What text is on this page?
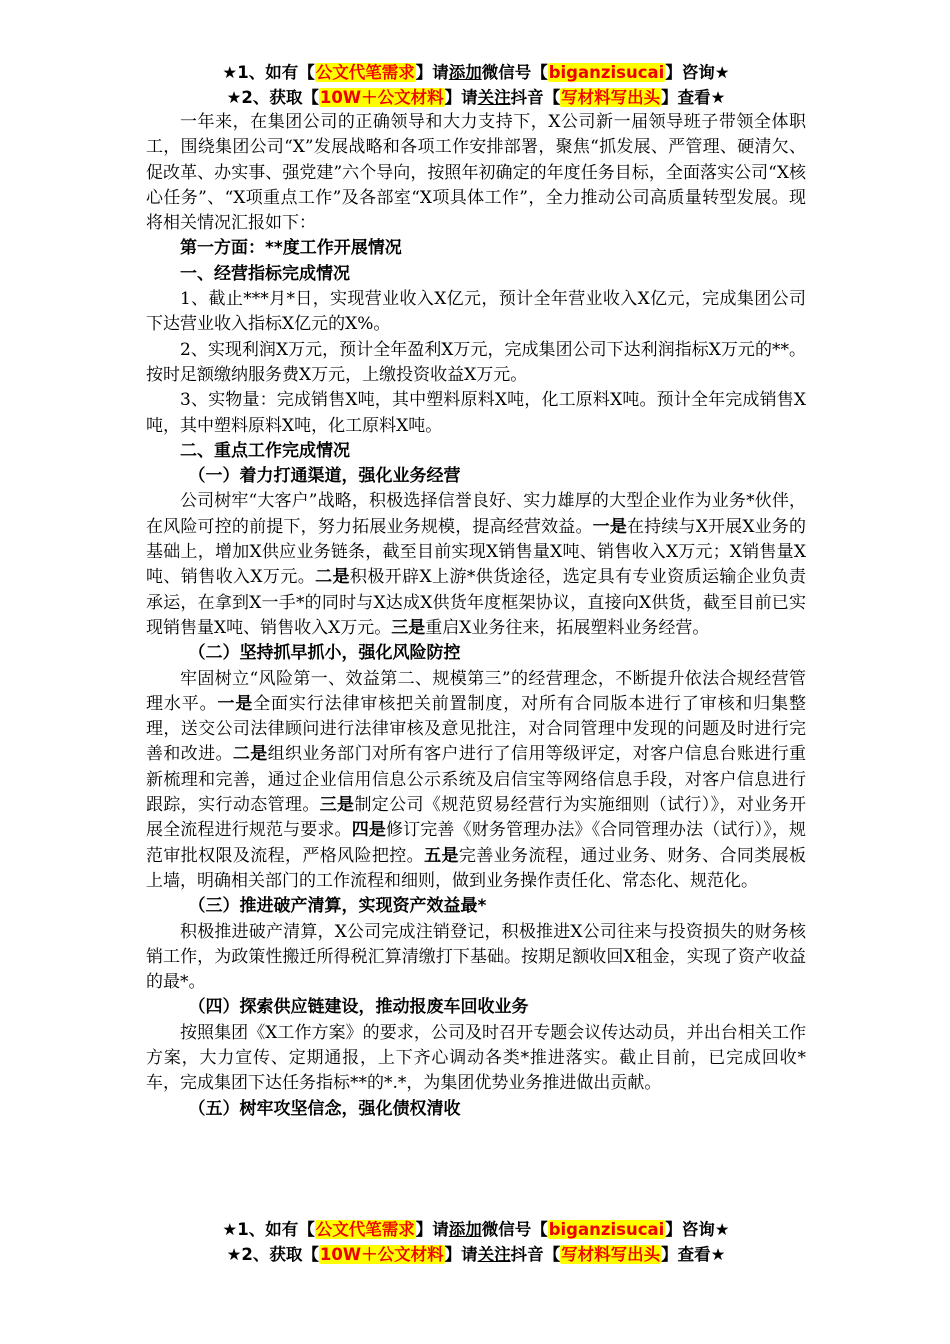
★1、如有【公文代笔需求】请添加微信号【biganzisucai】咨询★
★2、获取【10W＋公文材料】请关注抖音【写材料写出头】查看★

一年来，在集团公司的正确领导和大力支持下，X公司新一届领导班子带领全体职工，围绕集团公司“X”发展战略和各项工作安排部署，聚焦“抓发展、严管理、硬清欠、促改革、办实事、强党建”六个导向，按照年初确定的年度任务目标，全面落实公司“X核心任务”、“X项重点工作”及各部室“X项具体工作”，全力推动公司高质量转型发展。现将相关情况汇报如下：

第一方面：**度工作开展情况

一、经营指标完成情况

1、截止***月*日，实现营业收入X亿元，预计全年营业收入X亿元，完成集团公司下达营业收入指标X亿元的X%。

2、实现利润X万元，预计全年盈利X万元，完成集团公司下达利润指标X万元的**。按时足额缴纳服务费X万元，上缴投资收益X万元。

3、实物量：完成销售X吨，其中塑料原料X吨，化工原料X吨。预计全年完成销售X吨，其中塑料原料X吨，化工原料X吨。

二、重点工作完成情况

（一）着力打通渠道，强化业务经营

公司树牢“大客户”战略，积极选择信誉良好、实力雄厚的大型企业作为业务*伙伴，在风险可控的前提下，努力拓展业务规模，提高经营效益。一是在持续与X开展X业务的基础上，增加X供应业务链条，截至目前实现X销售量X吨、销售收入X万元；X销售量X吨、销售收入X万元。二是积极开辟X上游*供货途径，选定具有专业资质运输企业负责承运，在拿到X一手*的同时与X达成X供货年度框架协议，直接向X供货，截至目前已实现销售量X吨、销售收入X万元。三是重启X业务往来，拓展塑料业务经营。

（二）坚持抓早抓小，强化风险防控

牢固树立“风险第一、效益第二、规模第三”的经营理念，不断提升依法合规经营管理水平。一是全面实行法律审核把关前置制度，对所有合同版本进行了审核和归集整理，送交公司法律顾问进行法律审核及意见批注，对合同管理中发现的问题及时进行完善和改进。二是组织业务部门对所有客户进行了信用等级评定，对客户信息台账进行重新梳理和完善，通过企业信用信息公示系统及启信宝等网络信息手段，对客户信息进行跟踪，实行动态管理。三是制定公司《规范贸易经营行为实施细则（试行）》，对业务开展全流程进行规范与要求。四是修订完善《财务管理办法》《合同管理办法（试行）》，规范审批权限及流程，严格风险把控。五是完善业务流程，通过业务、财务、合同类展板上墙，明确相关部门的工作流程和细则，做到业务操作责任化、常态化、规范化。

（三）推进破产清算，实现资产效益最*

积极推进破产清算，X公司完成注销登记，积极推进X公司往来与投资损失的财务核销工作，为政策性搬迁所得税汇算清缴打下基础。按期足额收回X租金，实现了资产收益的最*。

（四）探索供应链建设，推动报废车回收业务

按照集团《X工作方案》的要求，公司及时召开专题会议传达动员，并出台相关工作方案，大力宣传、定期通报，上下齐心调动各类*推进落实。截止目前，已完成回收*车，完成集团下达任务指标**的*.*，为集团优势业务推进做出贡献。

（五）树牢攻坚信念，强化债权清收

★1、如有【公文代笔需求】请添加微信号【biganzisucai】咨询★
★2、获取【10W＋公文材料】请关注抖音【写材料写出头】查看★
